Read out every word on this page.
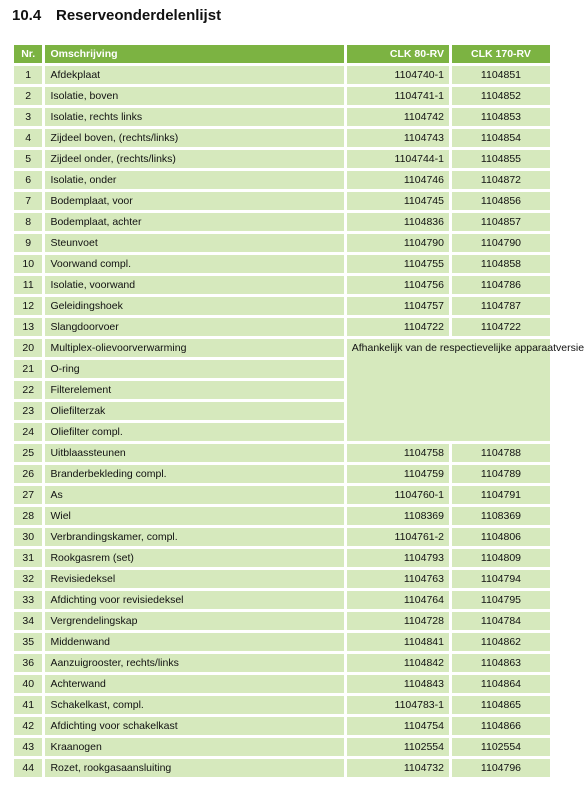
10.4 Reserveonderdelenlijst
Nr.	Omschrijving	CLK 80-RV	CLK 170-RV
1	Afdekplaat	1104740-1	1104851
2	Isolatie, boven	1104741-1	1104852
3	Isolatie, rechts links	1104742	1104853
4	Zijdeel boven, (rechts/links)	1104743	1104854
5	Zijdeel onder, (rechts/links)	1104744-1	1104855
6	Isolatie, onder	1104746	1104872
7	Bodemplaat, voor	1104745	1104856
8	Bodemplaat, achter	1104836	1104857
9	Steunvoet	1104790	1104790
10	Voorwand compl.	1104755	1104858
11	Isolatie, voorwand	1104756	1104786
12	Geleidingshoek	1104757	1104787
13	Slangdoorvoer	1104722	1104722
20	Multiplex-olievoorverwarming	Afhankelijk van de respectievelijke apparaatversie	
21	O-ring		
22	Filterelement		
23	Oliefilterzak		
24	Oliefilter compl.		
25	Uitblaassteunen	1104758	1104788
26	Branderbekleding compl.	1104759	1104789
27	As	1104760-1	1104791
28	Wiel	1108369	1108369
30	Verbrandingskamer, compl.	1104761-2	1104806
31	Rookgasrem (set)	1104793	1104809
32	Revisiedeksel	1104763	1104794
33	Afdichting voor revisiedeksel	1104764	1104795
34	Vergrendelingskap	1104728	1104784
35	Middenwand	1104841	1104862
36	Aanzuigrooster, rechts/links	1104842	1104863
40	Achterwand	1104843	1104864
41	Schakelkast, compl.	1104783-1	1104865
42	Afdichting voor schakelkast	1104754	1104866
43	Kraanogen	1102554	1102554
44	Rozet, rookgasaansluiting	1104732	1104796
